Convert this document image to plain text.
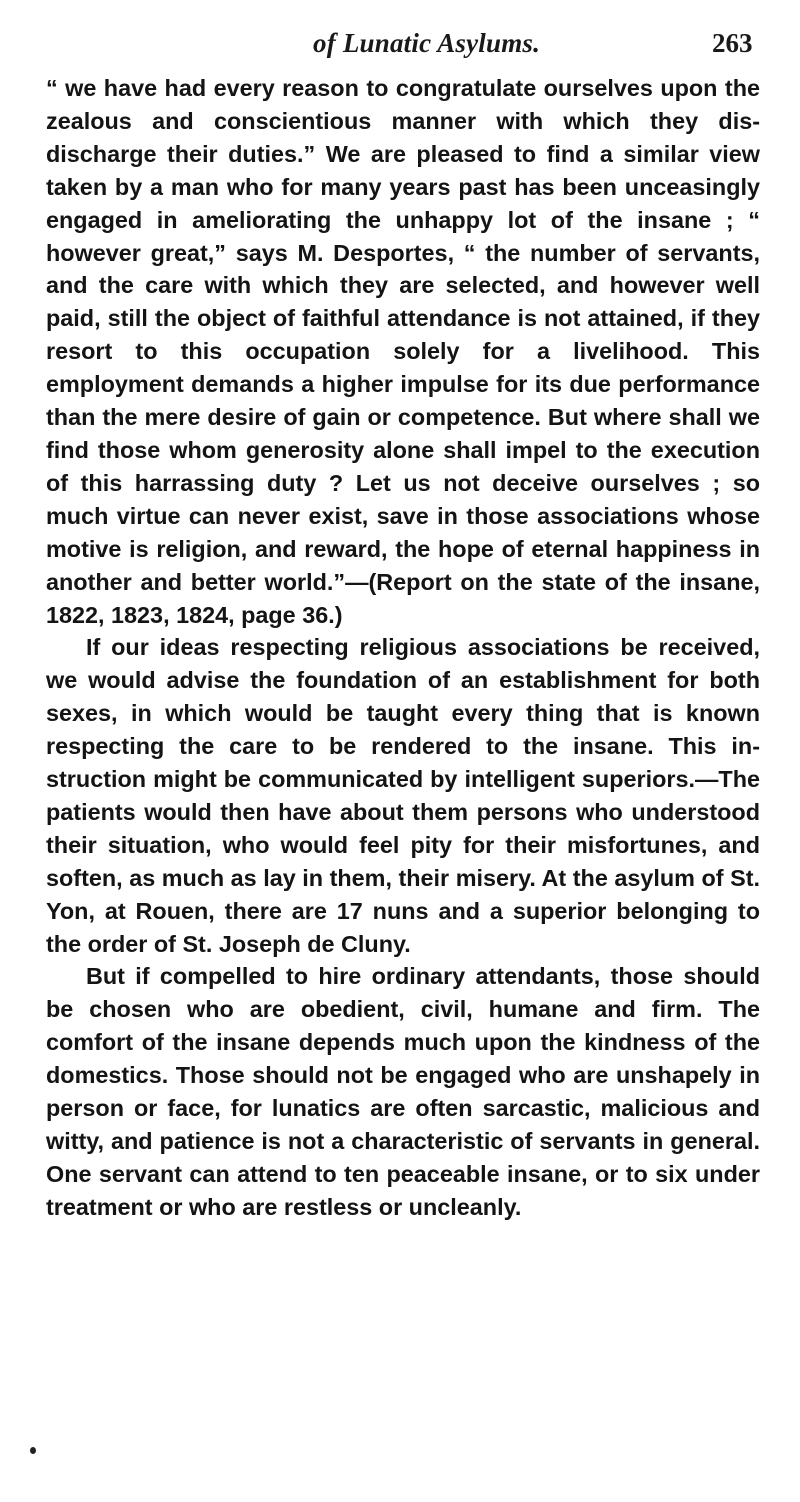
of Lunatic Asylums.	263

“ we have had every reason to congratulate ourselves upon the zealous and conscientious manner with which they disdischarge their duties.” We are pleased to find a similar view taken by a man who for many years past has been unceasingly engaged in ameliorating the unhappy lot of the insane ; “ however great,” says M. Desportes, “ the number of servants, and the care with which they are selected, and however well paid, still the object of faithful attendance is not attained, if they resort to this occupation solely for a livelihood. This employment demands a higher impulse for its due performance than the mere desire of gain or competence. But where shall we find those whom generosity alone shall impel to the execution of this harrassing duty ? Let us not deceive ourselves ; so much virtue can never exist, save in those associations whose motive is religion, and reward, the hope of eternal happiness in another and better world.”—(Report on the state of the insane, 1822, 1823, 1824, page 36.)

If our ideas respecting religious associations be received, we would advise the foundation of an establishment for both sexes, in which would be taught every thing that is known respecting the care to be rendered to the insane. This instruction might be communicated by intelligent superiors.—The patients would then have about them persons who understood their situation, who would feel pity for their misfortunes, and soften, as much as lay in them, their misery. At the asylum of St. Yon, at Rouen, there are 17 nuns and a superior belonging to the order of St. Joseph de Cluny.

But if compelled to hire ordinary attendants, those should be chosen who are obedient, civil, humane and firm. The comfort of the insane depends much upon the kindness of the domestics. Those should not be engaged who are unshapely in person or face, for lunatics are often sarcastic, malicious and witty, and patience is not a characteristic of servants in general. One servant can attend to ten peaceable insane, or to six under treatment or who are restless or uncleanly.
